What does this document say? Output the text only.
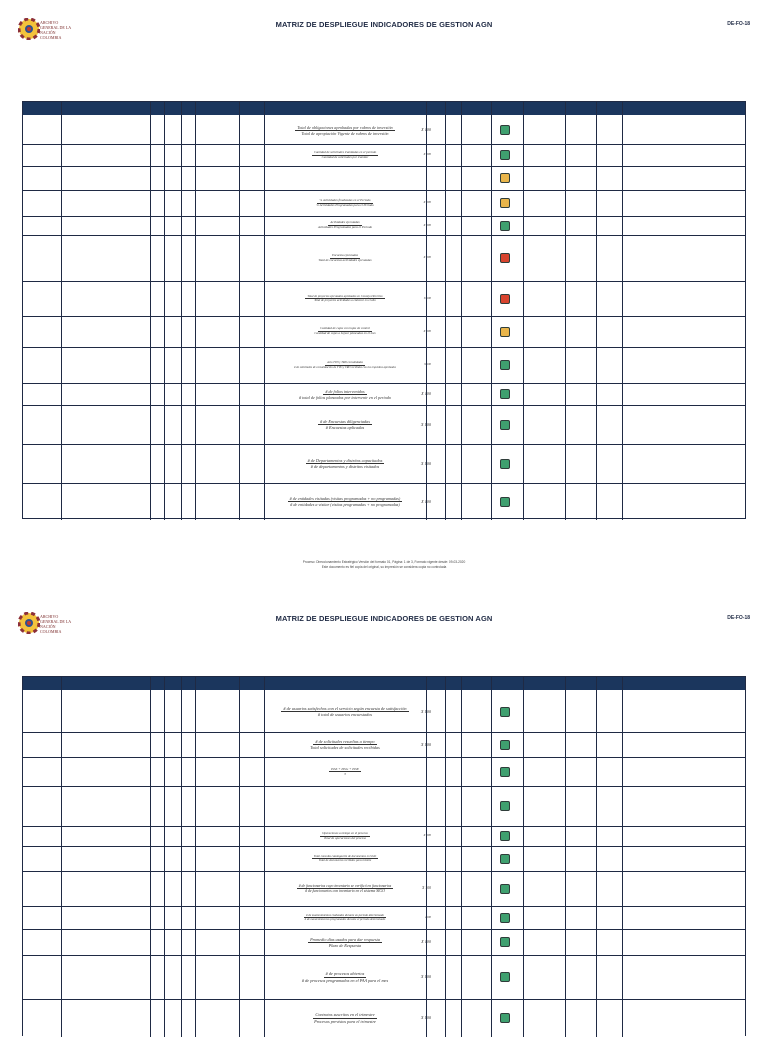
ARCHIVO GENERAL DE LA NACIÓN COLOMBIA
MATRIZ DE DESPLIEGUE INDICADORES DE GESTION AGN	DE-FO-18
Total de obligaciones aprobadas por rubros de inversión
Total de apropiación Vigente de rubros de inversión
X 100
Cantidad de solicitudes tramitadas en el periodo
Cantidad de solicitudes por tramitar
X 100
% Actividades finalizadas en el Periodo
% Actividades Programadas para el Periodo
X 100
Actividades ejecutadas
Actividades Programadas para el Periodo
X 100
Encuesta ejecutadas
Total de encuestas actividades ejecutadas
X 100
Total de proyectos ejecutados aprobados en Consejo Directivo
Total de proyectos actividades a elaborar en el año
X 100
Cantidad de cajas con hojas de control
Cantidad de cajas a hojear planeadas en el mes
X 100
Acto TVD y TRD convalidadas
# de solicitudes de convalidación de TVD y TRD recibidas con los requisitos aprobados
X 100
# de folios intervenidos
# total de folios planeados por intervenir en el periodo
X 100
# de Encuestas diligenciadas
# Encuestas aplicadas
X 100
# de Departamentos y distritos capacitados
# de departamentos y distritos visitados
X 100
# de entidades visitadas (visitas programadas + no programadas)
# de entidades a visitar (visitas programadas + no programadas)
X 100
Proceso: Direccionamiento Estratégico Versión del formato 01, Página: 1 de 3, Formato vigente desde: 09-03-2020
Este documento es fiel copia del original, su impresión se considera copia no controlada
ARCHIVO GENERAL DE LA NACIÓN COLOMBIA
MATRIZ DE DESPLIEGUE INDICADORES DE GESTION AGN	DE-FO-18
# de usuarios satisfechos con el servicio según encuesta de satisfacción
# total de usuarios encuestados
X 100
# de solicitudes resueltas a tiempo
Total solicitudes de solicitudes recibidas
X 100
ISSS + ISSG + ISSE
3
Operaciones a tiempo en el proceso
Total de operaciones del proceso
X 100
Total consulta catalogación de documentos en SGD
Total de documentos recibidos para trámite
# de funcionarios cuyo inventario se verificó en funcionarios
# de funcionarios con inventario en el sistema SIGO
X 100
# de mantenimientos realizados durante un periodo determinado
# de mantenimientos programados durante el periodo determinado
x100
Promedio días usados para dar respuesta
Plazo de Respuesta
X 100
# de procesos abiertos
# de procesos programados en el PAA para el mes
X 100
Contratos suscritos en el trimestre
Procesos previstos para el trimestre
X 100
